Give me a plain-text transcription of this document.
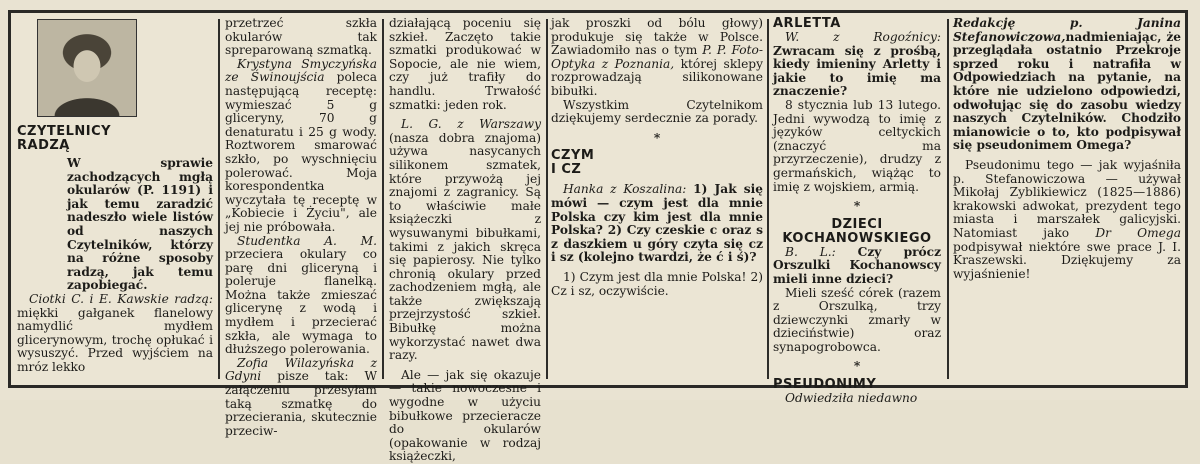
CZYTELNICY
RADZĄ

W sprawie zachodzących mgłą okularów (P. 1191) i jak temu zaradzić nadeszło wiele listów od naszych Czytelników, którzy na różne sposoby radzą, jak temu zapobiegać.

Ciotki C. i E. Kawskie radzą: miękki gałganek flanelowy namydlić mydłem glicerynowym, trochę opłukać i wysuszyć. Przed wyjściem na mróz lekko

przetrzeć szkła okularów tak spreparowaną szmatką.

Krystyna Smyczyńska ze Świnoujścia poleca następującą receptę: wymieszać 5 g gliceryny, 70 g denaturatu i 25 g wody. Roztworem smarować szkło, po wyschnięciu polerować. Moja korespondentka wyczytała tę receptę w „Kobiecie i Życiu", ale jej nie próbowała.

Studentka A. M. przeciera okulary co parę dni gliceryną i poleruje flanelką. Można także zmieszać glicerynę z wodą i mydłem i przecierać szkła, ale wymaga to dłuższego polerowania.

Zofia Wilazyńska z Gdyni pisze tak: W załączeniu przesyłam taką szmatkę do przecierania, skutecznie przeciw-

działającą poceniu się szkieł. Zaczęto takie szmatki produkować w Sopocie, ale nie wiem, czy już trafiły do handlu. Trwałość szmatki: jeden rok.

L. G. z Warszawy (nasza dobra znajoma) używa nasycanych silikonem szmatek, które przywożą jej znajomi z zagranicy. Są to właściwie małe książeczki z wysuwanymi bibułkami, takimi z jakich skręca się papierosy. Nie tylko chronią okulary przed zachodzeniem mgłą, ale także zwiększają przejrzystość szkieł. Bibułkę można wykorzystać nawet dwa razy.

Ale — jak się okazuje — takie nowoczesne i wygodne w użyciu bibułkowe przecieracze do okularów (opakowanie w rodzaj książeczki,

jak proszki od bólu głowy) produkuje się także w Polsce. Zawiadomiło nas o tym P. P. Foto-Optyka z Poznania, której sklepy rozprowadzają silikonowane bibułki.

Wszystkim Czytelnikom dziękujemy serdecznie za porady.

*
CZYM
I CZ

Hanka z Koszalina: 1) Jak się mówi — czym jest dla mnie Polska czy kim jest dla mnie Polska? 2) Czy czeskie c oraz s z daszkiem u góry czyta się cz i sz (kolejno twardzi, że ć i ś)?

1) Czym jest dla mnie Polska! 2) Cz i sz, oczywiście.

ARLETTA

W. z Rogoźnicy: Zwracam się z prośbą, kiedy imieniny Arletty i jakie to imię ma znaczenie?

8 stycznia lub 13 lutego. Jedni wywodzą to imię z języków celtyckich (znaczyć ma przyrzeczenie), drudzy z germańskich, wiążąc to imię z wojskiem, armią.

*
DZIECI
KOCHANOWSKIEGO

B. L.: Czy prócz Orszulki Kochanowscy mieli inne dzieci?

Mieli sześć córek (razem z Orszulką, trzy dziewczynki zmarły w dzieciństwie) oraz synapogrobowca.

*
PSEUDONIMY

Odwiedziła niedawno

Redakcję p. Janina Stefanowiczowa,nadmieniając, że przeglądała ostatnio Przekroje sprzed roku i natrafiła w Odpowiedziach na pytanie, na które nie udzielono odpowiedzi, odwołując się do zasobu wiedzy naszych Czytelników. Chodziło mianowicie o to, kto podpisywał się pseudonimem Omega?

Pseudonimu tego — jak wyjaśniła p. Stefanowiczowa — używał Mikołaj Zyblikiewicz (1825—1886) krakowski adwokat, prezydent tego miasta i marszałek galicyjski. Natomiast jako Dr Omega podpisywał niektóre swe prace J. I. Kraszewski. Dziękujemy za wyjaśnienie!
